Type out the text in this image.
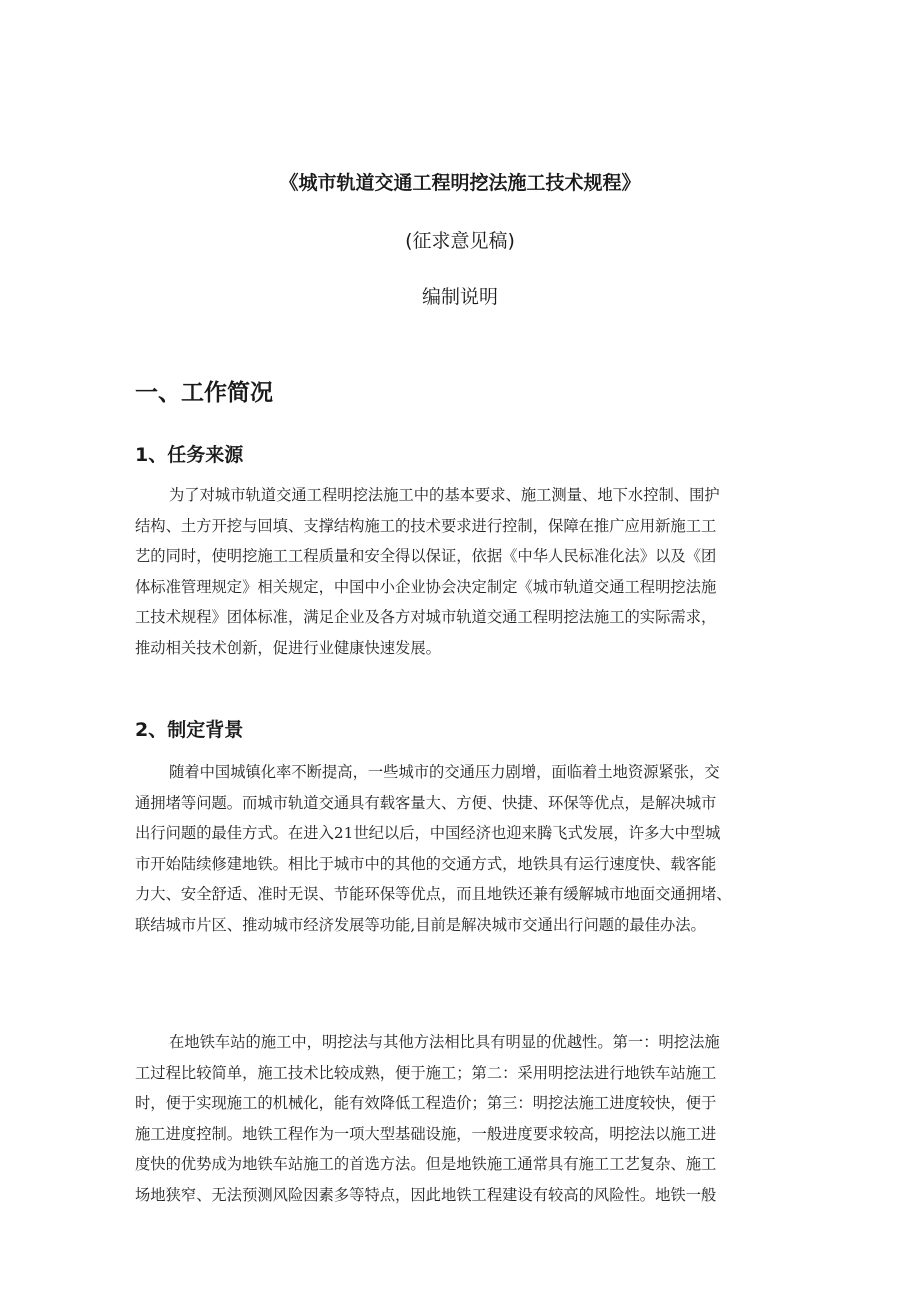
《城市轨道交通工程明挖法施工技术规程》
(征求意见稿)
编制说明
一、工作简况
1、任务来源

为了对城市轨道交通工程明挖法施工中的基本要求、施工测量、地下水控制、围护
结构、土方开挖与回填、支撑结构施工的技术要求进行控制，保障在推广应用新施工工
艺的同时，使明挖施工工程质量和安全得以保证，依据《中华人民标准化法》以及《团
体标准管理规定》相关规定，中国中小企业协会决定制定《城市轨道交通工程明挖法施
工技术规程》团体标准，满足企业及各方对城市轨道交通工程明挖法施工的实际需求，
推动相关技术创新，促进行业健康快速发展。

2、制定背景

随着中国城镇化率不断提高，一些城市的交通压力剧增，面临着土地资源紧张，交
通拥堵等问题。而城市轨道交通具有载客量大、方便、快捷、环保等优点，是解决城市
出行问题的最佳方式。在进入21世纪以后，中国经济也迎来腾飞式发展，许多大中型城
市开始陆续修建地铁。相比于城市中的其他的交通方式，地铁具有运行速度快、载客能
力大、安全舒适、准时无误、节能环保等优点，而且地铁还兼有缓解城市地面交通拥堵、
联结城市片区、推动城市经济发展等功能,目前是解决城市交通出行问题的最佳办法。

在地铁车站的施工中，明挖法与其他方法相比具有明显的优越性。第一：明挖法施
工过程比较简单，施工技术比较成熟，便于施工；第二：采用明挖法进行地铁车站施工
时，便于实现施工的机械化，能有效降低工程造价；第三：明挖法施工进度较快，便于
施工进度控制。地铁工程作为一项大型基础设施，一般进度要求较高，明挖法以施工进
度快的优势成为地铁车站施工的首选方法。但是地铁施工通常具有施工工艺复杂、施工
场地狭窄、无法预测风险因素多等特点，因此地铁工程建设有较高的风险性。地铁一般
